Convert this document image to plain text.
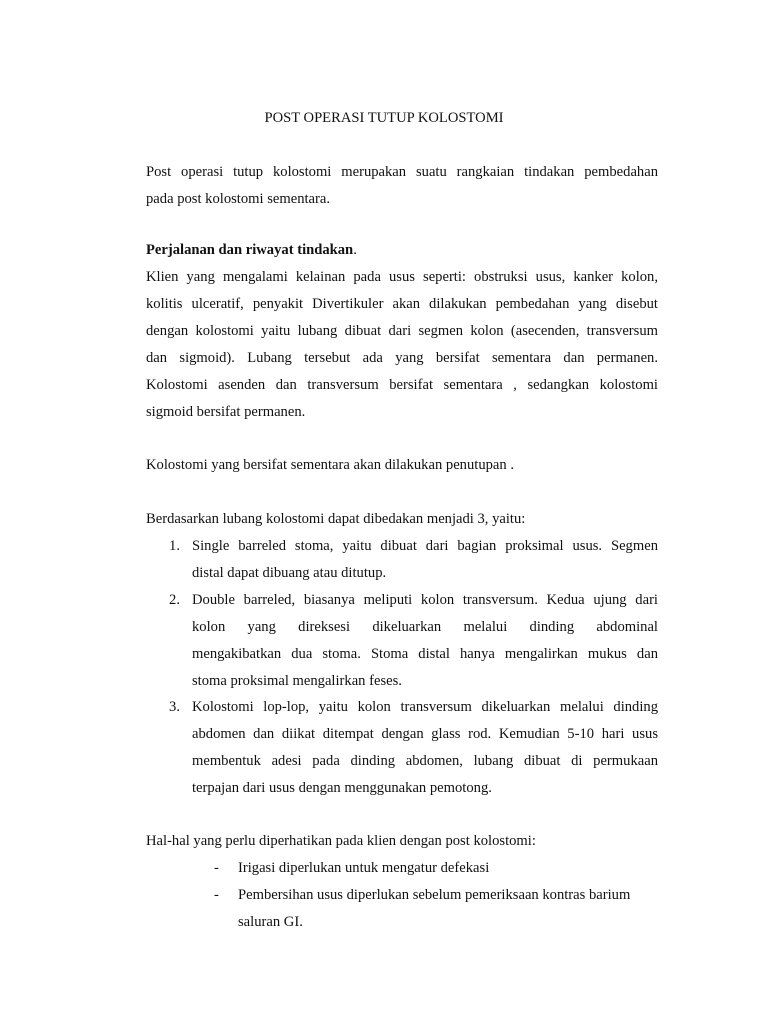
POST OPERASI TUTUP KOLOSTOMI
Post operasi tutup kolostomi merupakan suatu rangkaian tindakan pembedahan
pada post kolostomi sementara.
Perjalanan dan riwayat tindakan.
Klien yang mengalami kelainan pada usus seperti: obstruksi usus, kanker kolon,
kolitis ulceratif, penyakit Divertikuler akan dilakukan pembedahan yang disebut
dengan kolostomi yaitu lubang dibuat dari segmen kolon (asecenden, transversum
dan sigmoid). Lubang tersebut ada yang bersifat sementara dan permanen.
Kolostomi asenden dan transversum bersifat sementara , sedangkan kolostomi
sigmoid bersifat permanen.
Kolostomi yang bersifat sementara akan dilakukan penutupan .
Berdasarkan lubang kolostomi dapat dibedakan menjadi 3, yaitu:
1. Single barreled stoma, yaitu dibuat dari bagian proksimal usus. Segmen
distal dapat dibuang atau ditutup.
2. Double barreled, biasanya meliputi kolon transversum. Kedua ujung dari
kolon yang direksesi dikeluarkan melalui dinding abdominal
mengakibatkan dua stoma. Stoma distal hanya mengalirkan mukus dan
stoma proksimal mengalirkan feses.
3. Kolostomi lop-lop, yaitu kolon transversum dikeluarkan melalui dinding
abdomen dan diikat ditempat dengan glass rod. Kemudian 5-10 hari usus
membentuk adesi pada dinding abdomen, lubang dibuat di permukaan
terpajan dari usus dengan menggunakan pemotong.
Hal-hal yang perlu diperhatikan pada klien dengan post kolostomi:
- Irigasi diperlukan untuk mengatur defekasi
- Pembersihan usus diperlukan sebelum pemeriksaan kontras barium
saluran GI.
